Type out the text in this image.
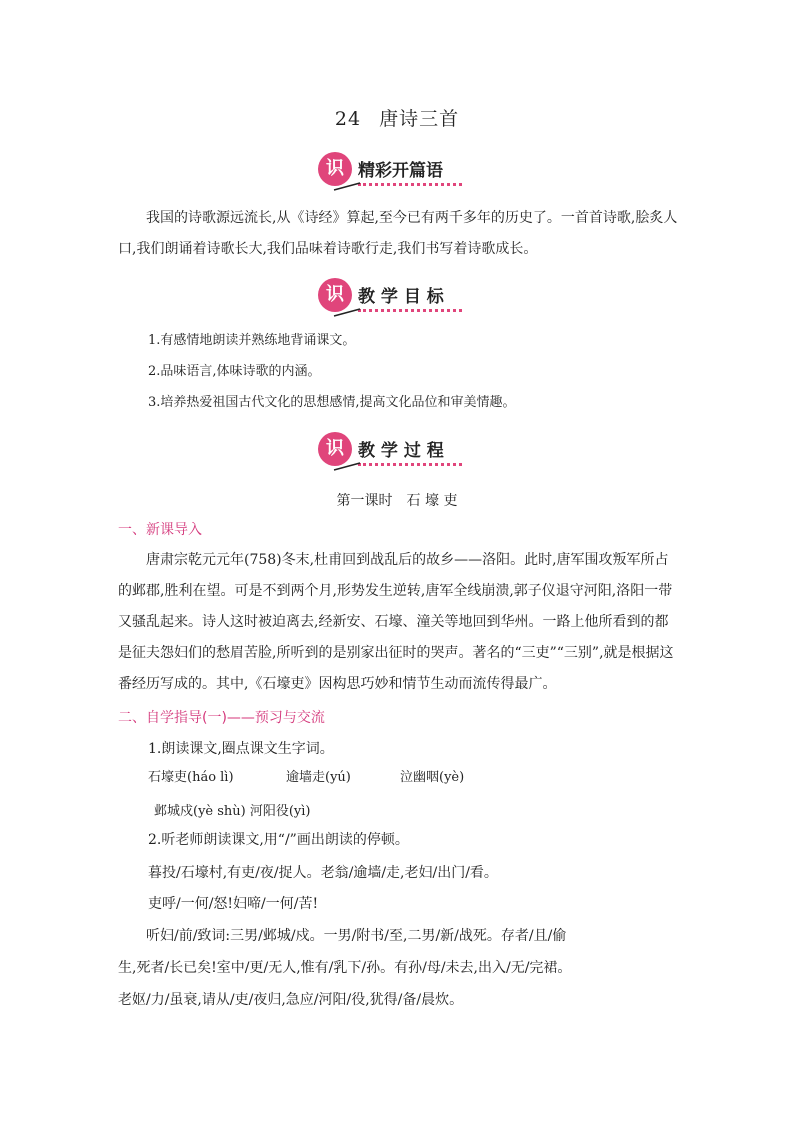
24 唐诗三首
识 精彩开篇语

我国的诗歌源远流长,从《诗经》算起,至今已有两千多年的历史了。一首首诗歌,脍炙人口,我们朗诵着诗歌长大,我们品味着诗歌行走,我们书写着诗歌成长。

识 教 学 目 标
1.有感情地朗读并熟练地背诵课文。
2.品味语言,体味诗歌的内涵。
3.培养热爱祖国古代文化的思想感情,提高文化品位和审美情趣。
识 教 学 过 程
第一课时　石 壕 吏
一、新课导入

唐肃宗乾元元年(758)冬末,杜甫回到战乱后的故乡——洛阳。此时,唐军围攻叛军所占的邺郡,胜利在望。可是不到两个月,形势发生逆转,唐军全线崩溃,郭子仪退守河阳,洛阳一带又骚乱起来。诗人这时被迫离去,经新安、石壕、潼关等地回到华州。一路上他所看到的都是征夫怨妇们的愁眉苦脸,所听到的是别家出征时的哭声。著名的“三吏”“三别”,就是根据这番经历写成的。其中,《石壕吏》因构思巧妙和情节生动而流传得最广。

二、自学指导(一)——预习与交流
1.朗读课文,圈点课文生字词。
石壕吏(háo lì)	逾墙走(yú)	泣幽咽(yè)
邺城戍(yè shù) 河阳役(yì)
2.听老师朗读课文,用“/”画出朗读的停顿。
暮投/石壕村,有吏/夜/捉人。老翁/逾墙/走,老妇/出门/看。
吏呼/一何/怒!妇啼/一何/苦!
听妇/前/致词:三男/邺城/戍。一男/附书/至,二男/新/战死。存者/且/偷
生,死者/长已矣!室中/更/无人,惟有/乳下/孙。有孙/母/未去,出入/无/完裙。
老妪/力/虽衰,请从/吏/夜归,急应/河阳/役,犹得/备/晨炊。
